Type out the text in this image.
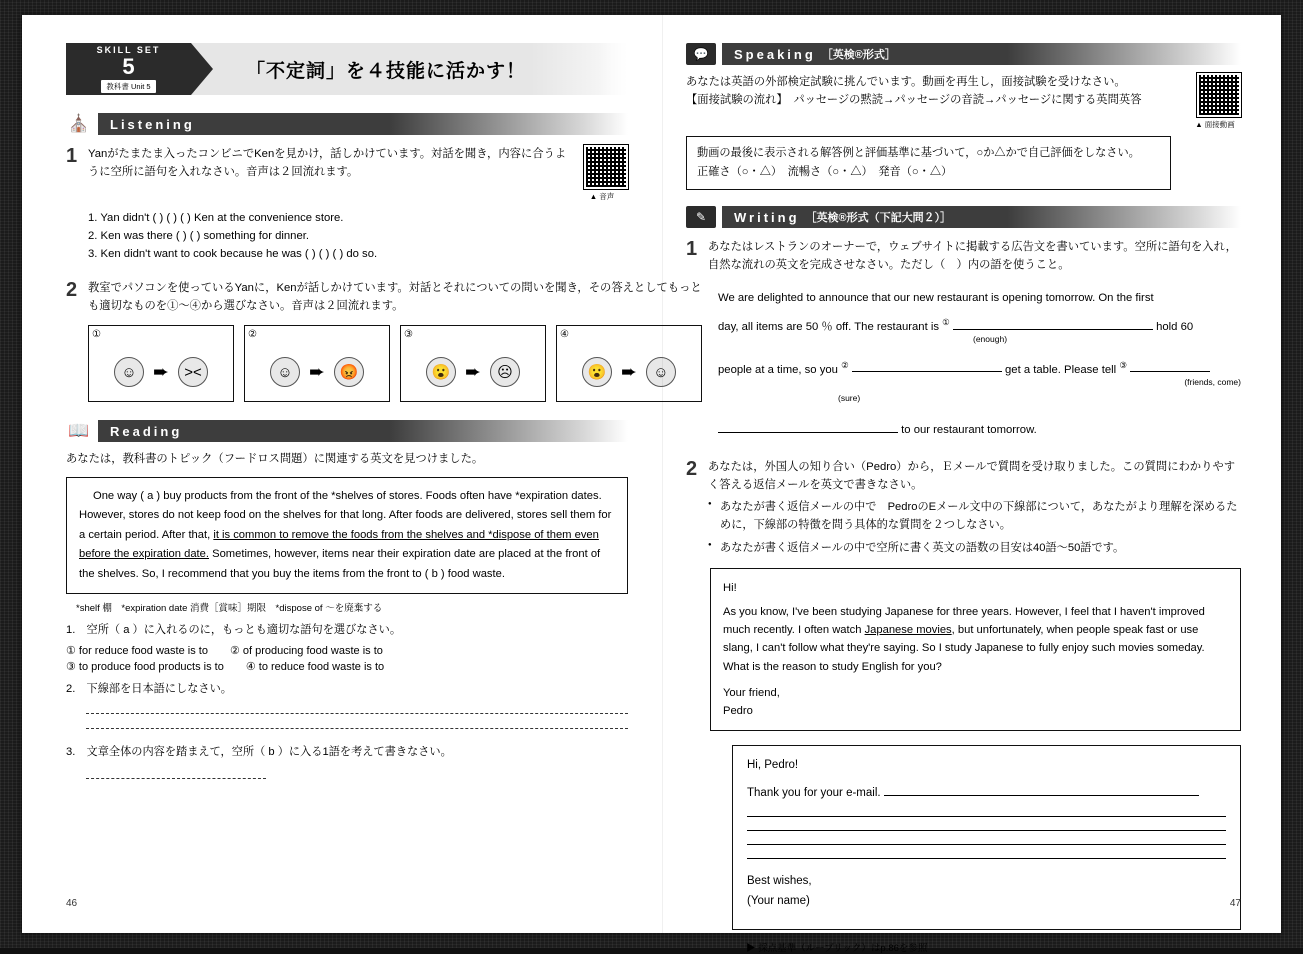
SKILL SET
5
教科書 Unit 5
「不定詞」を４技能に活かす！
⛪	Listening
1 Yanがたまたま入ったコンビニでKenを見かけ，話しかけています。対話を聞き，内容に合うように空所に語句を入れなさい。音声は２回流れます。
▲ 音声
1. Yan didn't ( ) ( ) ( ) Ken at the convenience store.
2. Ken was there ( ) ( ) something for dinner.
3. Ken didn't want to cook because he was ( ) ( ) ( ) do so.
2 教室でパソコンを使っているYanに，Kenが話しかけています。対話とそれについての問いを聞き，その答えとしてもっとも適切なものを①～④から選びなさい。音声は２回流れます。
①
☺ ➨	><
②
☺ ➨ 😡
③
😮 ➨	☹
④
😮 ➨	☺
📖	Reading
あなたは，教科書のトピック（フードロス問題）に関連する英文を見つけました。
One way ( a ) buy products from the front of the *shelves of stores. Foods often have *expiration dates. However, stores do not keep food on the shelves for that long. After foods are delivered, stores sell them for a certain period. After that, it is common to remove the foods from the shelves and *dispose of them even before the expiration date. Sometimes, however, items near their expiration date are placed at the front of the shelves. So, I recommend that you buy the items from the front to ( b ) food waste.
*shelf 棚　*expiration date 消費［賞味］期限　*dispose of ～を廃棄する
1.　空所（ a ）に入れるのに，もっとも適切な語句を選びなさい。
① for reduce food waste is to ② of producing food waste is to
③ to produce food products is to ④ to reduce food waste is to
2.　下線部を日本語にしなさい。
3.　文章全体の内容を踏まえて，空所（ b ）に入る1語を考えて書きなさい。
46
💬	Speaking ［英検®形式］
あなたは英語の外部検定試験に挑んでいます。動画を再生し，面接試験を受けなさい。
【面接試験の流れ】　パッセージの黙読→パッセージの音読→パッセージに関する英問英答
▲ 面接動画
動画の最後に表示される解答例と評価基準に基づいて，○か△かで自己評価をしなさい。
正確さ（○・△）　流暢さ（○・△）　発音（○・△）
✎	Writing ［英検®形式（下記大問２）］
1 あなたはレストランのオーナーで，ウェブサイトに掲載する広告文を書いています。空所に語句を入れ，自然な流れの英文を完成させなさい。ただし（　）内の語を使うこと。
We are delighted to announce that our new restaurant is opening tomorrow. On the first
day, all items are 50 ％ off. The restaurant is ①	hold 60
(enough)
people at a time, so you ②	get a table. Please tell ③  (sure)
(friends, come)
to our restaurant tomorrow.
2 あなたは，外国人の知り合い（Pedro）から，Ｅメールで質問を受け取りました。この質問にわかりやすく答える返信メールを英文で書きなさい。
● あなたが書く返信メールの中で　PedroのEメール文中の下線部について，あなたがより理解を深めるために，下線部の特徴を問う具体的な質問を２つしなさい。
● あなたが書く返信メールの中で空所に書く英文の語数の目安は40語～50語です。
Hi!
As you know, I've been studying Japanese for three years. However, I feel that I haven't improved much recently. I often watch Japanese movies, but unfortunately, when people speak fast or use slang, I can't follow what they're saying. So I study Japanese to fully enjoy such movies someday. What is the reason to study English for you?
Your friend,
Pedro
Hi, Pedro!
Thank you for your e-mail.
Best wishes,
(Your name)
▶ 採点基準（ルーブリック）はp.86を参照
47
